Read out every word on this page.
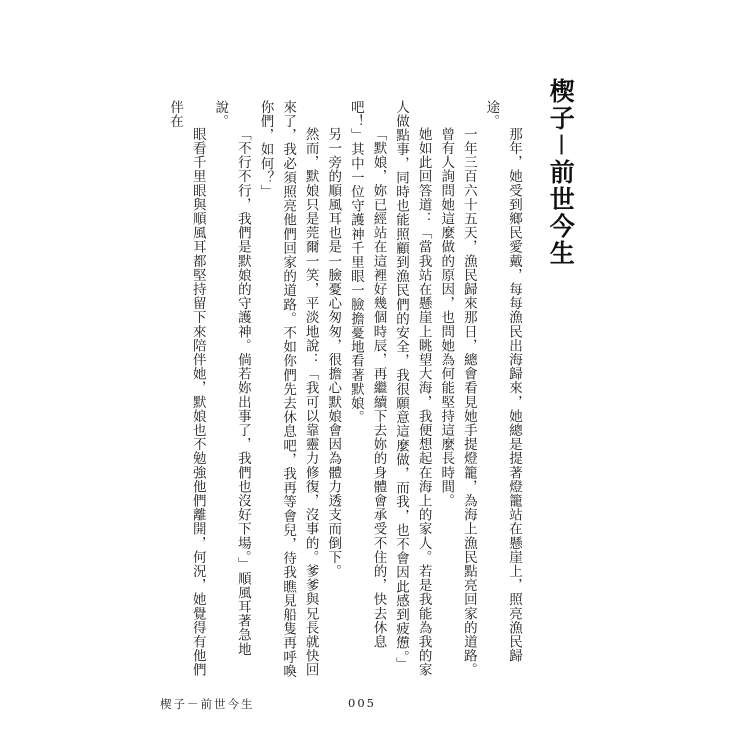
楔子－前世今生

那年，她受到鄉民愛戴，每每漁民出海歸來，她總是提著燈籠站在懸崖上，照亮漁民歸途。

一年三百六十五天，漁民歸來那日，總會看見她手提燈籠，為海上漁民點亮回家的道路。

曾有人詢問她這麼做的原因，也問她為何能堅持這麼長時間。

她如此回答道：「當我站在懸崖上眺望大海，我便想起在海上的家人。若是我能為我的家人做點事，同時也能照顧到漁民們的安全，我很願意這麼做，而我，也不會因此感到疲憊。」

「默娘，妳已經站在這裡好幾個時辰，再繼續下去妳的身體會承受不住的，快去休息吧！」其中一位守護神千里眼一臉擔憂地看著默娘。

另一旁的順風耳也是一臉憂心匆匆，很擔心默娘會因為體力透支而倒下。

然而，默娘只是莞爾一笑，平淡地說：「我可以靠靈力修復，沒事的。爹爹與兄長就快回來了，我必須照亮他們回家的道路。不如你們先去休息吧，我再等會兒，待我瞧見船隻再呼喚你們，如何？」

「不行不行，我們是默娘的守護神。倘若妳出事了，我們也沒好下場。」順風耳著急地說。

眼看千里眼與順風耳都堅持留下來陪伴她，默娘也不勉強他們離開，何況，她覺得有他們伴在

楔子－前世今生	005
